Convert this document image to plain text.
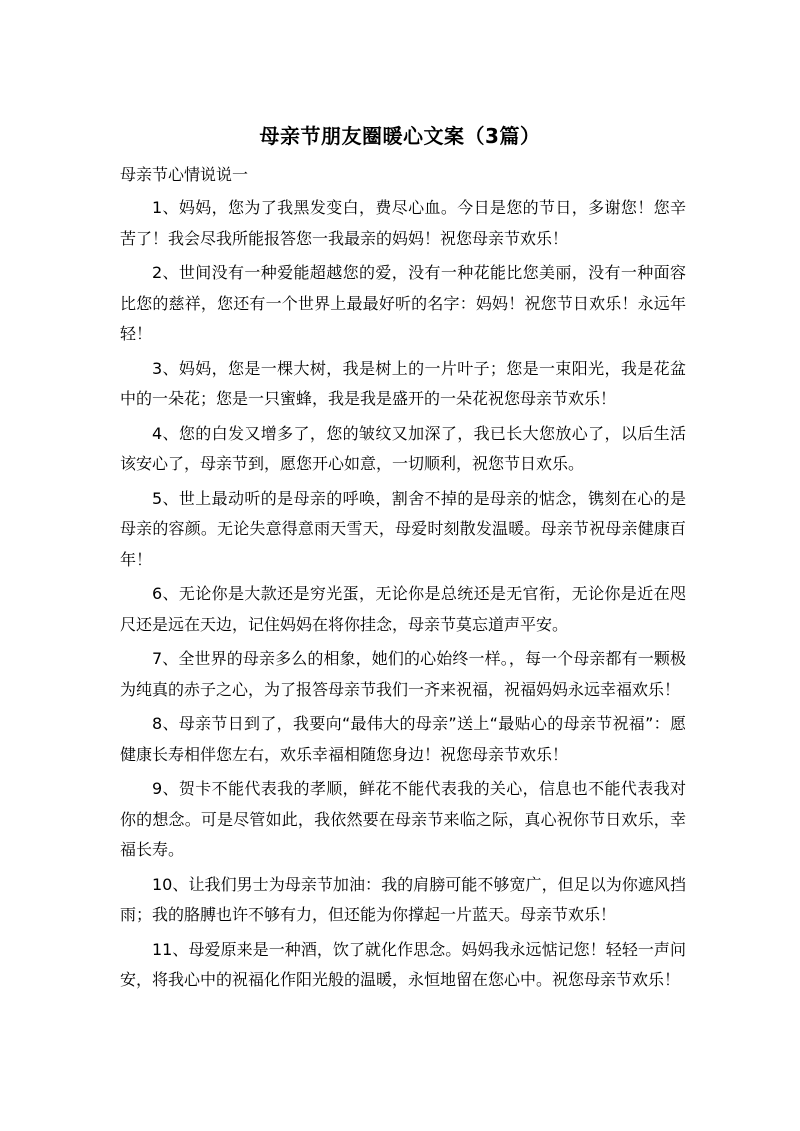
母亲节朋友圈暖心文案（3篇）
母亲节心情说说一

1、妈妈，您为了我黑发变白，费尽心血。今日是您的节日，多谢您！您辛苦了！我会尽我所能报答您一我最亲的妈妈！祝您母亲节欢乐！

2、世间没有一种爱能超越您的爱，没有一种花能比您美丽，没有一种面容比您的慈祥，您还有一个世界上最最好听的名字：妈妈！祝您节日欢乐！永远年轻！

3、妈妈，您是一棵大树，我是树上的一片叶子；您是一束阳光，我是花盆中的一朵花；您是一只蜜蜂，我是我是盛开的一朵花祝您母亲节欢乐！

4、您的白发又增多了，您的皱纹又加深了，我已长大您放心了，以后生活该安心了，母亲节到，愿您开心如意，一切顺利，祝您节日欢乐。

5、世上最动听的是母亲的呼唤，割舍不掉的是母亲的惦念，镌刻在心的是母亲的容颜。无论失意得意雨天雪天，母爱时刻散发温暖。母亲节祝母亲健康百年！

6、无论你是大款还是穷光蛋，无论你是总统还是无官衔，无论你是近在咫尺还是远在天边，记住妈妈在将你挂念，母亲节莫忘道声平安。

7、全世界的母亲多么的相象，她们的心始终一样。，每一个母亲都有一颗极为纯真的赤子之心，为了报答母亲节我们一齐来祝福，祝福妈妈永远幸福欢乐！

8、母亲节日到了，我要向“最伟大的母亲”送上“最贴心的母亲节祝福”：愿健康长寿相伴您左右，欢乐幸福相随您身边！祝您母亲节欢乐！

9、贺卡不能代表我的孝顺，鲜花不能代表我的关心，信息也不能代表我对你的想念。可是尽管如此，我依然要在母亲节来临之际，真心祝你节日欢乐，幸福长寿。

10、让我们男士为母亲节加油：我的肩膀可能不够宽广，但足以为你遮风挡雨；我的胳膊也许不够有力，但还能为你撑起一片蓝天。母亲节欢乐！

11、母爱原来是一种酒，饮了就化作思念。妈妈我永远惦记您！轻轻一声问安，将我心中的祝福化作阳光般的温暖，永恒地留在您心中。祝您母亲节欢乐！
